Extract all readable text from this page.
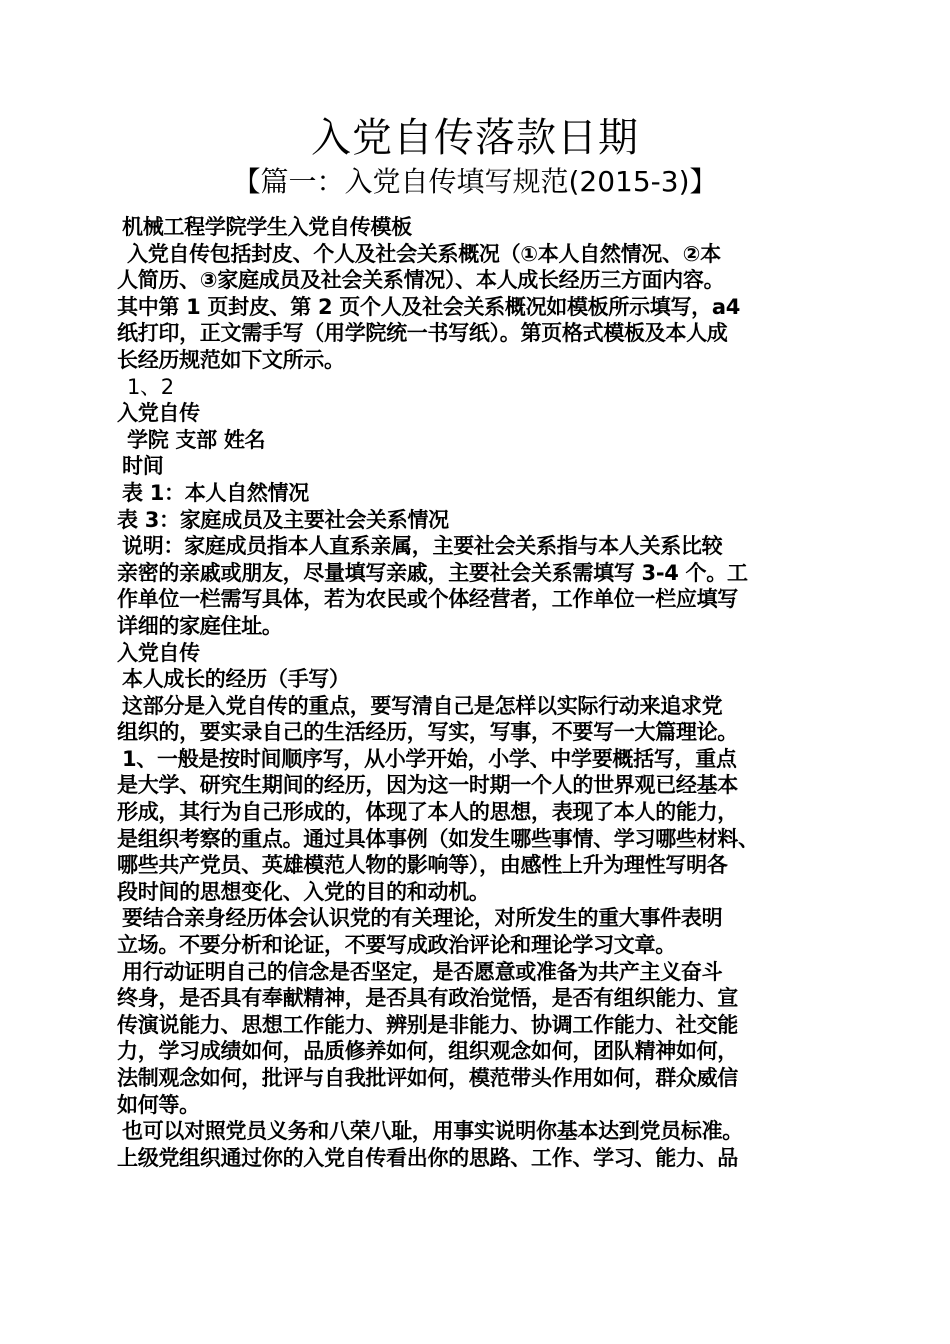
入党自传落款日期
【篇一：入党自传填写规范(2015-3)】
机械工程学院学生入党自传模板
入党自传包括封皮、个人及社会关系概况（①本人自然情况、②本
人简历、③家庭成员及社会关系情况）、本人成长经历三方面内容。
其中第 1 页封皮、第 2 页个人及社会关系概况如模板所示填写，a4
纸打印，正文需手写（用学院统一书写纸）。第页格式模板及本人成
长经历规范如下文所示。
1、2
入党自传
学院 支部 姓名
时间
表 1：本人自然情况
表 3：家庭成员及主要社会关系情况
说明：家庭成员指本人直系亲属，主要社会关系指与本人关系比较
亲密的亲戚或朋友，尽量填写亲戚，主要社会关系需填写 3-4 个。工
作单位一栏需写具体，若为农民或个体经营者，工作单位一栏应填写
详细的家庭住址。
入党自传
本人成长的经历（手写）
这部分是入党自传的重点，要写清自己是怎样以实际行动来追求党
组织的，要实录自己的生活经历，写实，写事，不要写一大篇理论。
1、一般是按时间顺序写，从小学开始，小学、中学要概括写，重点
是大学、研究生期间的经历，因为这一时期一个人的世界观已经基本
形成，其行为自己形成的，体现了本人的思想，表现了本人的能力，
是组织考察的重点。通过具体事例（如发生哪些事情、学习哪些材料、
哪些共产党员、英雄模范人物的影响等），由感性上升为理性写明各
段时间的思想变化、入党的目的和动机。
要结合亲身经历体会认识党的有关理论，对所发生的重大事件表明
立场。不要分析和论证，不要写成政治评论和理论学习文章。
用行动证明自己的信念是否坚定，是否愿意或准备为共产主义奋斗
终身，是否具有奉献精神，是否具有政治觉悟，是否有组织能力、宣
传演说能力、思想工作能力、辨别是非能力、协调工作能力、社交能
力，学习成绩如何，品质修养如何，组织观念如何，团队精神如何，
法制观念如何，批评与自我批评如何，模范带头作用如何，群众威信
如何等。
也可以对照党员义务和八荣八耻，用事实说明你基本达到党员标准。
上级党组织通过你的入党自传看出你的思路、工作、学习、能力、品
